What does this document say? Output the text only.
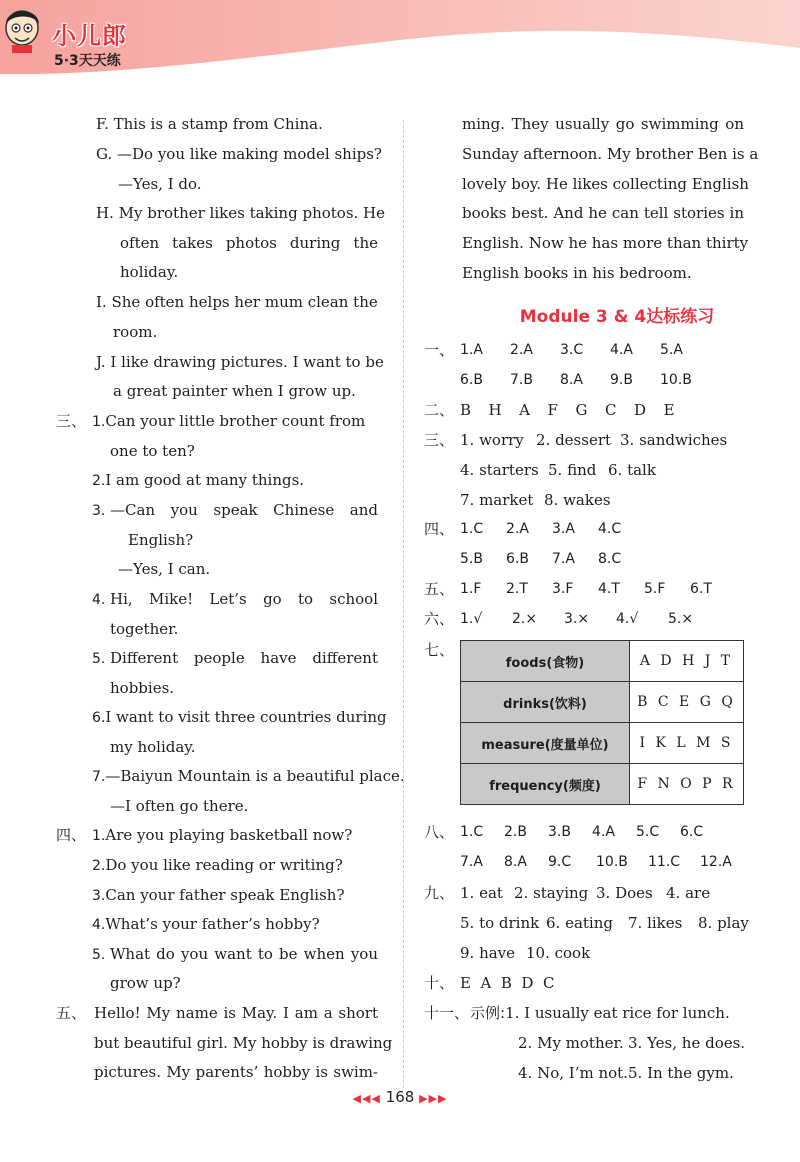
小儿郎
5·3天天练
F. This is a stamp from China.
G. —Do you like making model ships?
—Yes, I do.
H. My brother likes taking photos. He
often takes photos during the
holiday.
I. She often helps her mum clean the
room.
J. I like drawing pictures. I want to be
a great painter when I grow up.
三、 1.Can your little brother count from
one to ten?
2.I am good at many things.
3. —Can you speak Chinese and
English?
—Yes, I can.
4. Hi, Mike! Let’s go to school
together.
5. Different people have different
hobbies.
6.I want to visit three countries during
my holiday.
7.—Baiyun Mountain is a beautiful place.
—I often go there.
四、 1.Are you playing basketball now?
2.Do you like reading or writing?
3.Can your father speak English?
4.What’s your father’s hobby?
5. What do you want to be when you
grow up?
五、 Hello! My name is May. I am a short
but beautiful girl. My hobby is drawing
pictures. My parents’ hobby is swim-
ming. They usually go swimming on
Sunday afternoon. My brother Ben is a
lovely boy. He likes collecting English
books best. And he can tell stories in
English. Now he has more than thirty
English books in his bedroom.
Module 3 & 4达标练习
一、 1.A 2.A 3.C 4.A 5.A
6.B 7.B 8.A 9.B 10.B
二、 B  H  A  F  G  C  D  E
三、 1. worry 2. dessert 3. sandwiches
4. starters 5. find 6. talk
7. market 8. wakes
四、 1.C 2.A 3.A 4.C
5.B 6.B 7.A 8.C
五、 1.F 2.T 3.F 4.T 5.F 6.T
六、 1.√ 2.× 3.× 4.√ 5.×
七、
foods(食物)	A D H J T
drinks(饮料)	B C E G Q
measure(度量单位)	I K L M S
frequency(频度)	F N O P R
八、 1.C 2.B 3.B 4.A 5.C 6.C
7.A 8.A 9.C 10.B 11.C 12.A
九、 1. eat 2. staying 3. Does 4. are
5. to drink 6. eating 7. likes 8. play
9. have 10. cook
十、 E  A  B  D  C
十一、 示例:1. I usually eat rice for lunch.
2. My mother. 3. Yes, he does.
4. No, I’m not.5. In the gym.
◀◀◀ 168 ▶▶▶
